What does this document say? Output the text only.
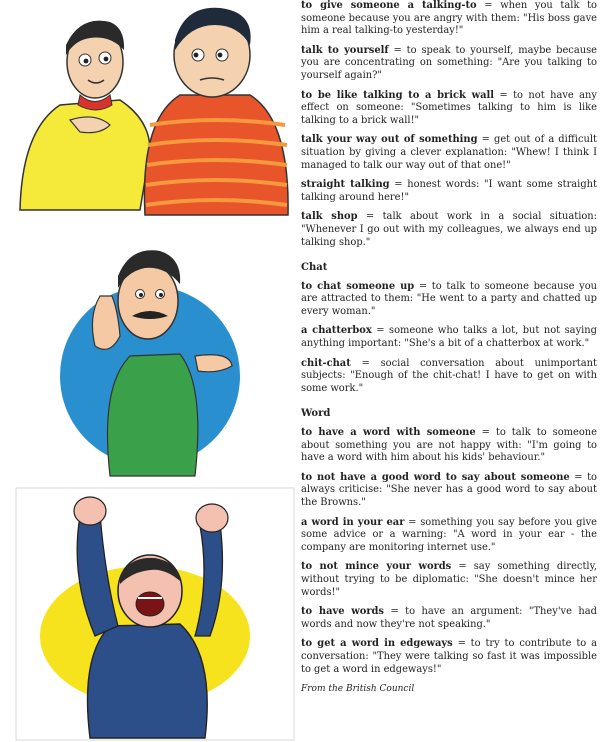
to give someone a talking-to = when you talk to someone because you are angry with them: "His boss gave him a real talking-to yesterday!"

talk to yourself = to speak to yourself, maybe because you are concentrating on something: "Are you talking to yourself again?"

to be like talking to a brick wall = to not have any effect on someone: "Sometimes talking to him is like talking to a brick wall!"

talk your way out of something = get out of a difficult situation by giving a clever explanation: "Whew! I think I managed to talk our way out of that one!"

straight talking = honest words: "I want some straight talking around here!"

talk shop = talk about work in a social situation: "Whenever I go out with my colleagues, we always end up talking shop."

Chat

to chat someone up = to talk to someone because you are attracted to them: "He went to a party and chatted up every woman."

a chatterbox = someone who talks a lot, but not saying anything important: "She's a bit of a chatterbox at work."

chit-chat = social conversation about unimportant subjects: "Enough of the chit-chat! I have to get on with some work."

Word

to have a word with someone = to talk to someone about something you are not happy with: "I'm going to have a word with him about his kids' behaviour."

to not have a good word to say about someone = to always criticise: "She never has a good word to say about the Browns."

a word in your ear = something you say before you give some advice or a warning: "A word in your ear - the company are monitoring internet use."

to not mince your words = say something directly, without trying to be diplomatic: "She doesn't mince her words!"

to have words = to have an argument: "They've had words and now they're not speaking."

to get a word in edgeways = to try to contribute to a conversation: "They were talking so fast it was impossible to get a word in edgeways!"

From the British Council
